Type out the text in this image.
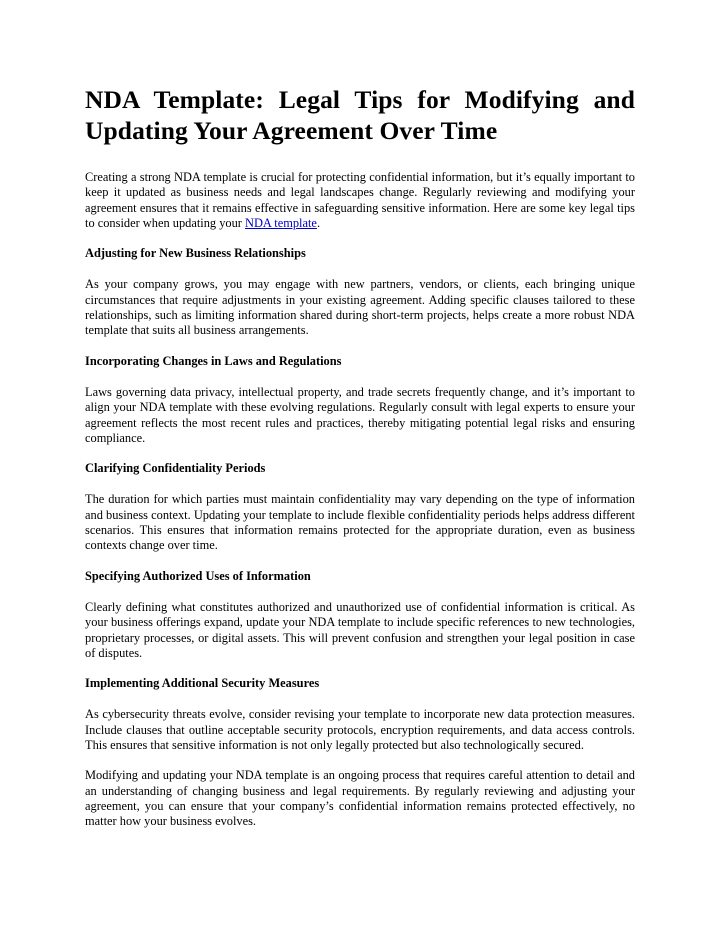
NDA Template: Legal Tips for Modifying and
Updating Your Agreement Over Time

Creating a strong NDA template is crucial for protecting confidential information, but it’s equally important to keep it updated as business needs and legal landscapes change. Regularly reviewing and modifying your agreement ensures that it remains effective in safeguarding sensitive information. Here are some key legal tips to consider when updating your NDA template.

Adjusting for New Business Relationships

As your company grows, you may engage with new partners, vendors, or clients, each bringing unique circumstances that require adjustments in your existing agreement. Adding specific clauses tailored to these relationships, such as limiting information shared during short-term projects, helps create a more robust NDA template that suits all business arrangements.

Incorporating Changes in Laws and Regulations

Laws governing data privacy, intellectual property, and trade secrets frequently change, and it’s important to align your NDA template with these evolving regulations. Regularly consult with legal experts to ensure your agreement reflects the most recent rules and practices, thereby mitigating potential legal risks and ensuring compliance.

Clarifying Confidentiality Periods

The duration for which parties must maintain confidentiality may vary depending on the type of information and business context. Updating your template to include flexible confidentiality periods helps address different scenarios. This ensures that information remains protected for the appropriate duration, even as business contexts change over time.

Specifying Authorized Uses of Information

Clearly defining what constitutes authorized and unauthorized use of confidential information is critical. As your business offerings expand, update your NDA template to include specific references to new technologies, proprietary processes, or digital assets. This will prevent confusion and strengthen your legal position in case of disputes.

Implementing Additional Security Measures

As cybersecurity threats evolve, consider revising your template to incorporate new data protection measures. Include clauses that outline acceptable security protocols, encryption requirements, and data access controls. This ensures that sensitive information is not only legally protected but also technologically secured.

Modifying and updating your NDA template is an ongoing process that requires careful attention to detail and an understanding of changing business and legal requirements. By regularly reviewing and adjusting your agreement, you can ensure that your company’s confidential information remains protected effectively, no matter how your business evolves.
